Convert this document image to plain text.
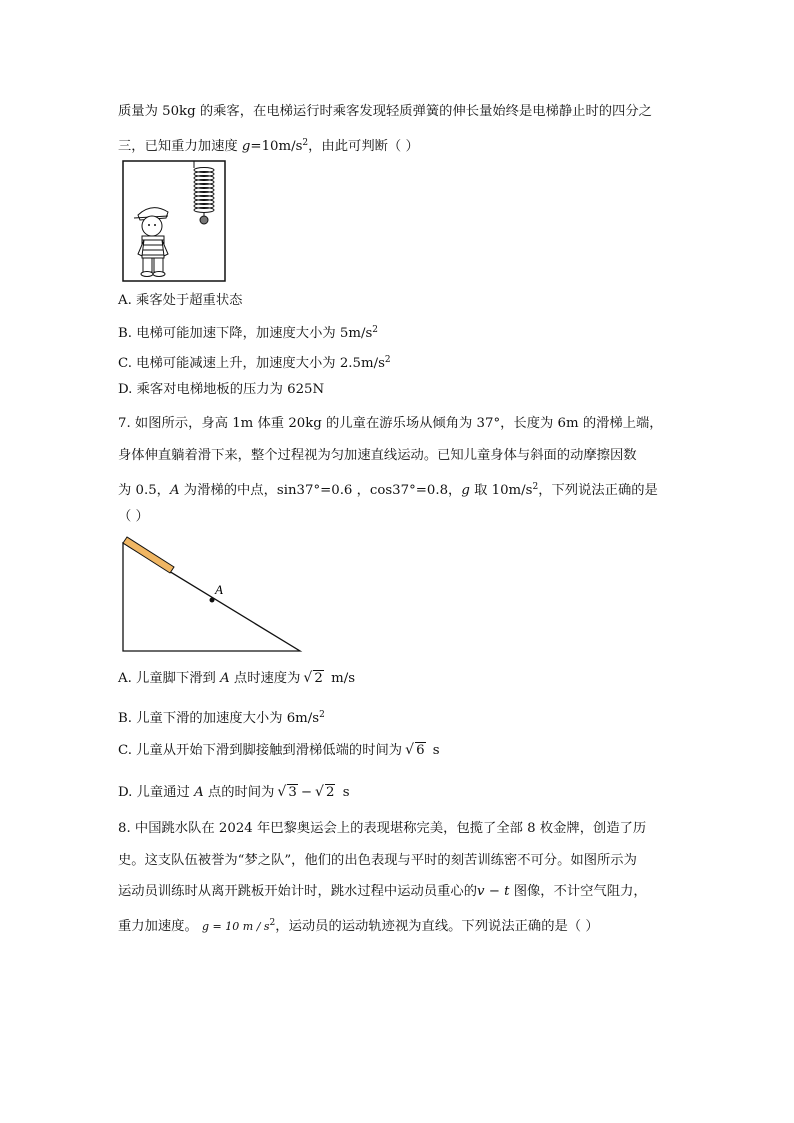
质量为 50kg 的乘客，在电梯运行时乘客发现轻质弹簧的伸长量始终是电梯静止时的四分之
三，已知重力加速度 $g=10m/s^2$，由此可判断（ ）
A. 乘客处于超重状态
B. 电梯可能加速下降，加速度大小为 $5m/s^2$
C. 电梯可能减速上升，加速度大小为 $2.5m/s^2$
D. 乘客对电梯地板的压力为 625N
7. 如图所示，身高 1m 体重 20kg 的儿童在游乐场从倾角为 37°，长度为 6m 的滑梯上端，
身体伸直躺着滑下来，整个过程视为匀加速直线运动。已知儿童身体与斜面的动摩擦因数
为 0.5，A 为滑梯的中点，sin37°=0.6 ，cos37°=0.8，g 取 $10m/s^2$，下列说法正确的是
（ ）
A
A. 儿童脚下滑到 A 点时速度为 √ 2 m/s
B. 儿童下滑的加速度大小为 $6m/s^2$
C. 儿童从开始下滑到脚接触到滑梯低端的时间为 √ 6 s
D. 儿童通过 A 点的时间为 √ 3 − √ 2 s
8. 中国跳水队在 2024 年巴黎奥运会上的表现堪称完美，包揽了全部 8 枚金牌，创造了历
史。这支队伍被誉为“梦之队”，他们的出色表现与平时的刻苦训练密不可分。如图所示为
运动员训练时从离开跳板开始计时，跳水过程中运动员重心的v − t 图像，不计空气阻力，
重力加速度。 g = 10 m / $s^2$，运动员的运动轨迹视为直线。下列说法正确的是（ ）
